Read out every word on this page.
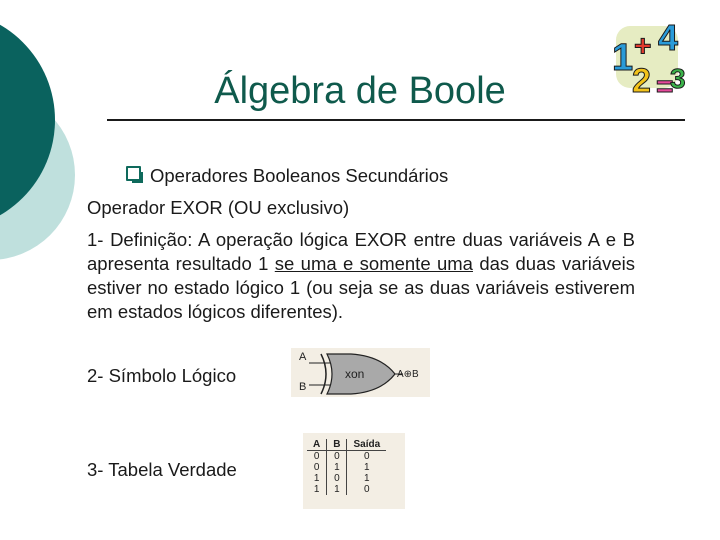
1 + 4
2 =
3
Álgebra de Boole
Operadores Booleanos Secundários
Operador EXOR (OU exclusivo)
1- Definição: A operação lógica EXOR entre duas variáveis A e B apresenta resultado 1 se uma e somente uma das duas variáveis estiver no estado lógico 1 (ou seja se as duas variáveis estiverem em estados lógicos diferentes).
2- Símbolo Lógico
A
B
xon	A⊕B
3- Tabela Verdade
A	B	Saída
0	0	0
0	1	1
1	0	1
1	1	0
